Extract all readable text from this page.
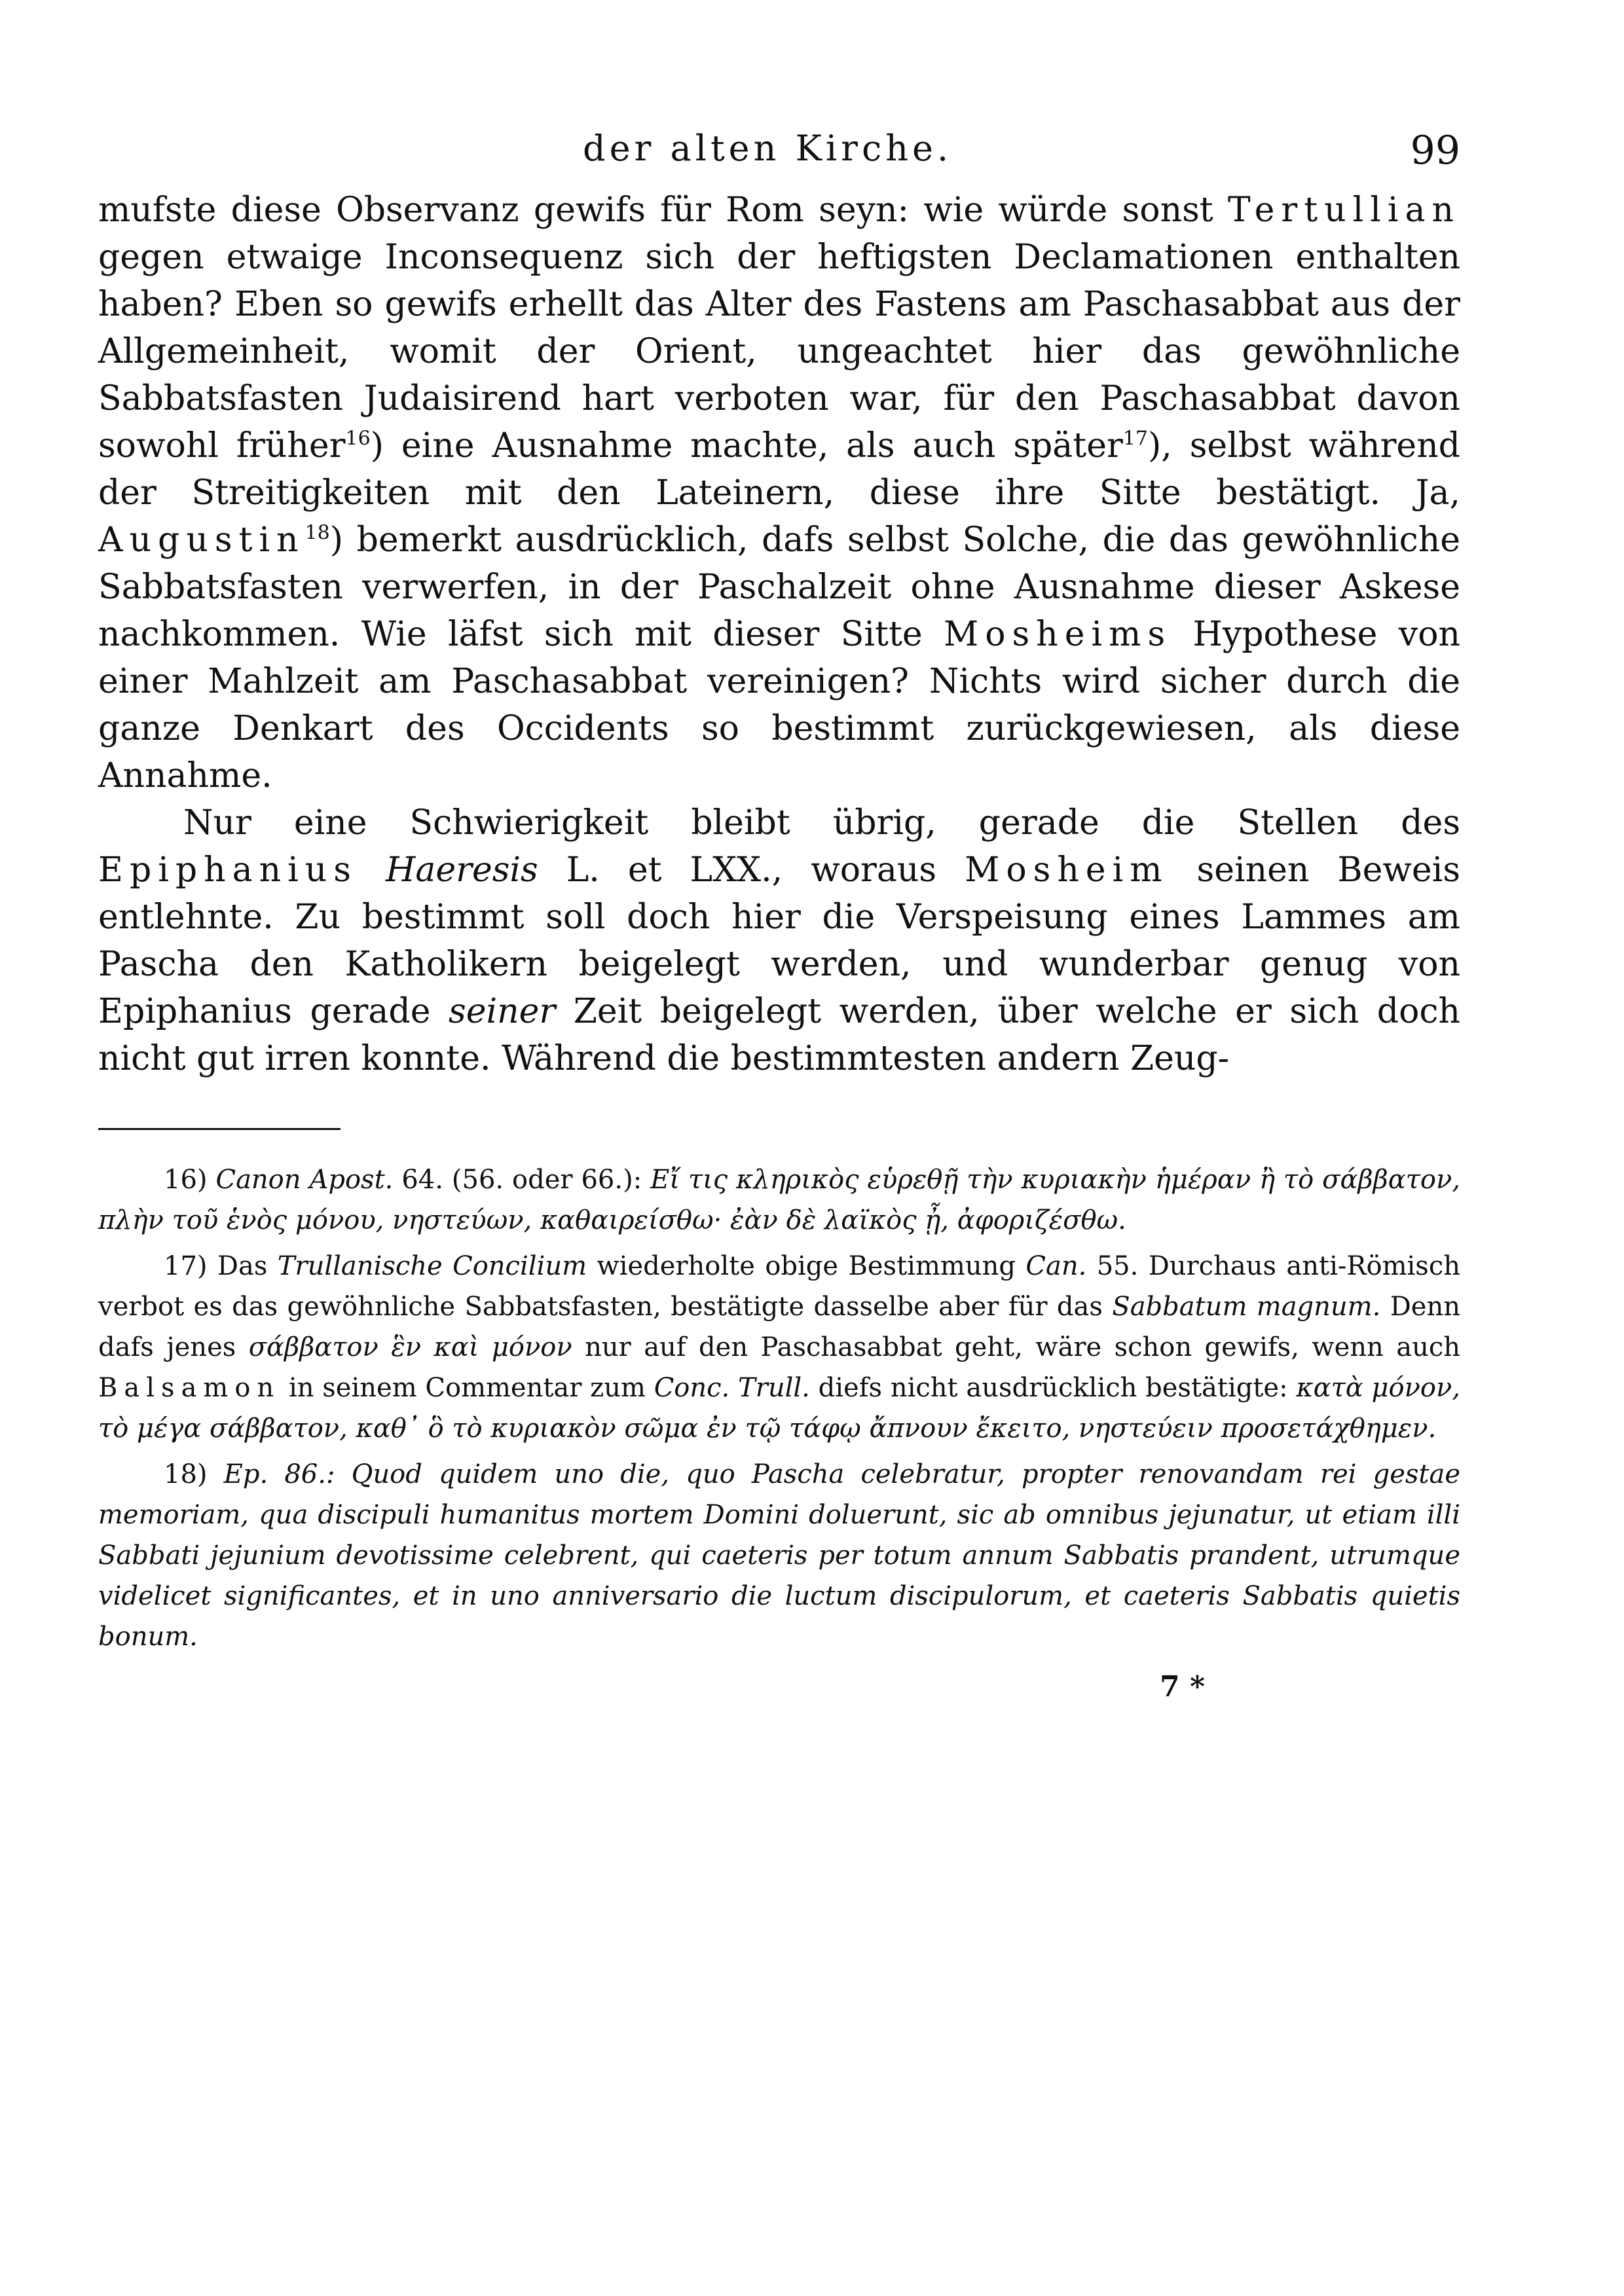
der alten Kirche.	99

mufste diese Observanz gewifs für Rom seyn: wie würde sonst Tertullian gegen etwaige Inconsequenz sich der heftigsten Declamationen enthalten haben? Eben so gewifs erhellt das Alter des Fastens am Paschasabbat aus der Allgemeinheit, womit der Orient, ungeachtet hier das gewöhnliche Sabbatsfasten Judaisirend hart verboten war, für den Paschasabbat davon sowohl früher$^{16}$) eine Ausnahme machte, als auch später$^{17}$), selbst während der Streitigkeiten mit den Lateinern, diese ihre Sitte bestätigt. Ja, Augustin$^{18}$) bemerkt ausdrücklich, dafs selbst Solche, die das gewöhnliche Sabbatsfasten verwerfen, in der Paschalzeit ohne Ausnahme dieser Askese nachkommen. Wie läfst sich mit dieser Sitte Mosheims Hypothese von einer Mahlzeit am Paschasabbat vereinigen? Nichts wird sicher durch die ganze Denkart des Occidents so bestimmt zurückgewiesen, als diese Annahme.

Nur eine Schwierigkeit bleibt übrig, gerade die Stellen des Epiphanius Haeresis L. et LXX., woraus Mosheim seinen Beweis entlehnte. Zu bestimmt soll doch hier die Verspeisung eines Lammes am Pascha den Katholikern beigelegt werden, und wunderbar genug von Epiphanius gerade seiner Zeit beigelegt werden, über welche er sich doch nicht gut irren konnte. Während die bestimmtesten andern Zeug-

16) Canon Apost. 64. (56. oder 66.): Εἴ τις κληρικὸς εὑρεθῇ τὴν κυριακὴν ἡμέραν ἢ τὸ σάββατον, πλὴν τοῦ ἑνὸς μόνου, νηστεύων, καθαιρείσθω· ἐὰν δὲ λαϊκὸς ᾖ, ἀφοριζέσθω.

17) Das Trullanische Concilium wiederholte obige Bestimmung Can. 55. Durchaus anti-Römisch verbot es das gewöhnliche Sabbatsfasten, bestätigte dasselbe aber für das Sabbatum magnum. Denn dafs jenes σάββατον ἓν καὶ μόνον nur auf den Paschasabbat geht, wäre schon gewifs, wenn auch Balsamon in seinem Commentar zum Conc. Trull. diefs nicht ausdrücklich bestätigte: κατὰ μόνον, τὸ μέγα σάββατον, καθ᾽ ὃ τὸ κυριακὸν σῶμα ἐν τῷ τάφῳ ἄπνουν ἔκειτο, νηστεύειν προσετάχθημεν.

18) Ep. 86.: Quod quidem uno die, quo Pascha celebratur, propter renovandam rei gestae memoriam, qua discipuli humanitus mortem Domini doluerunt, sic ab omnibus jejunatur, ut etiam illi Sabbati jejunium devotissime celebrent, qui caeteris per totum annum Sabbatis prandent, utrumque videlicet significantes, et in uno anniversario die luctum discipulorum, et caeteris Sabbatis quietis bonum.

7 *
